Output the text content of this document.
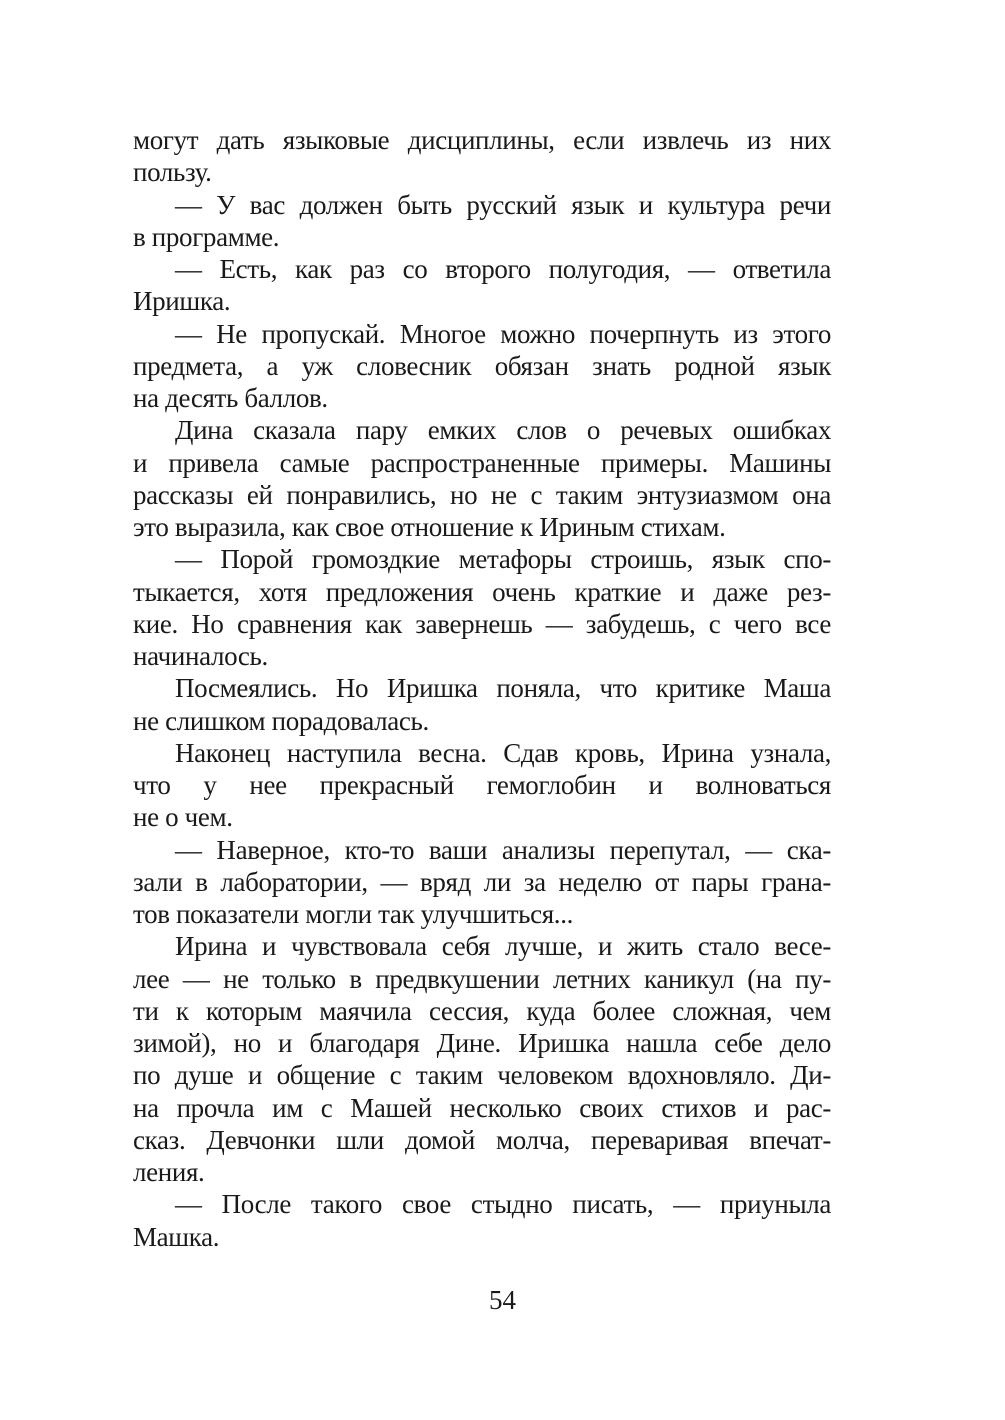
могут дать языковые дисциплины, если извлечь из них
пользу.
— У вас должен быть русский язык и культура речи
в программе.
— Есть, как раз со второго полугодия, — ответила
Иришка.
— Не пропускай. Многое можно почерпнуть из этого
предмета, а уж словесник обязан знать родной язык
на десять баллов.
Дина сказала пару емких слов о речевых ошибках
и привела самые распространенные примеры. Машины
рассказы ей понравились, но не с таким энтузиазмом она
это выразила, как свое отношение к Ириным стихам.
— Порой громоздкие метафоры строишь, язык спо-
тыкается, хотя предложения очень краткие и даже рез-
кие. Но сравнения как завернешь — забудешь, с чего все
начиналось.
Посмеялись. Но Иришка поняла, что критике Маша
не слишком порадовалась.
Наконец наступила весна. Сдав кровь, Ирина узнала,
что у нее прекрасный гемоглобин и волноваться
не о чем.
— Наверное, кто-то ваши анализы перепутал, — ска-
зали в лаборатории, — вряд ли за неделю от пары грана-
тов показатели могли так улучшиться...
Ирина и чувствовала себя лучше, и жить стало весе-
лее — не только в предвкушении летних каникул (на пу-
ти к которым маячила сессия, куда более сложная, чем
зимой), но и благодаря Дине. Иришка нашла себе дело
по душе и общение с таким человеком вдохновляло. Ди-
на прочла им с Машей несколько своих стихов и рас-
сказ. Девчонки шли домой молча, переваривая впечат-
ления.
— После такого свое стыдно писать, — приуныла
Машка.
54
